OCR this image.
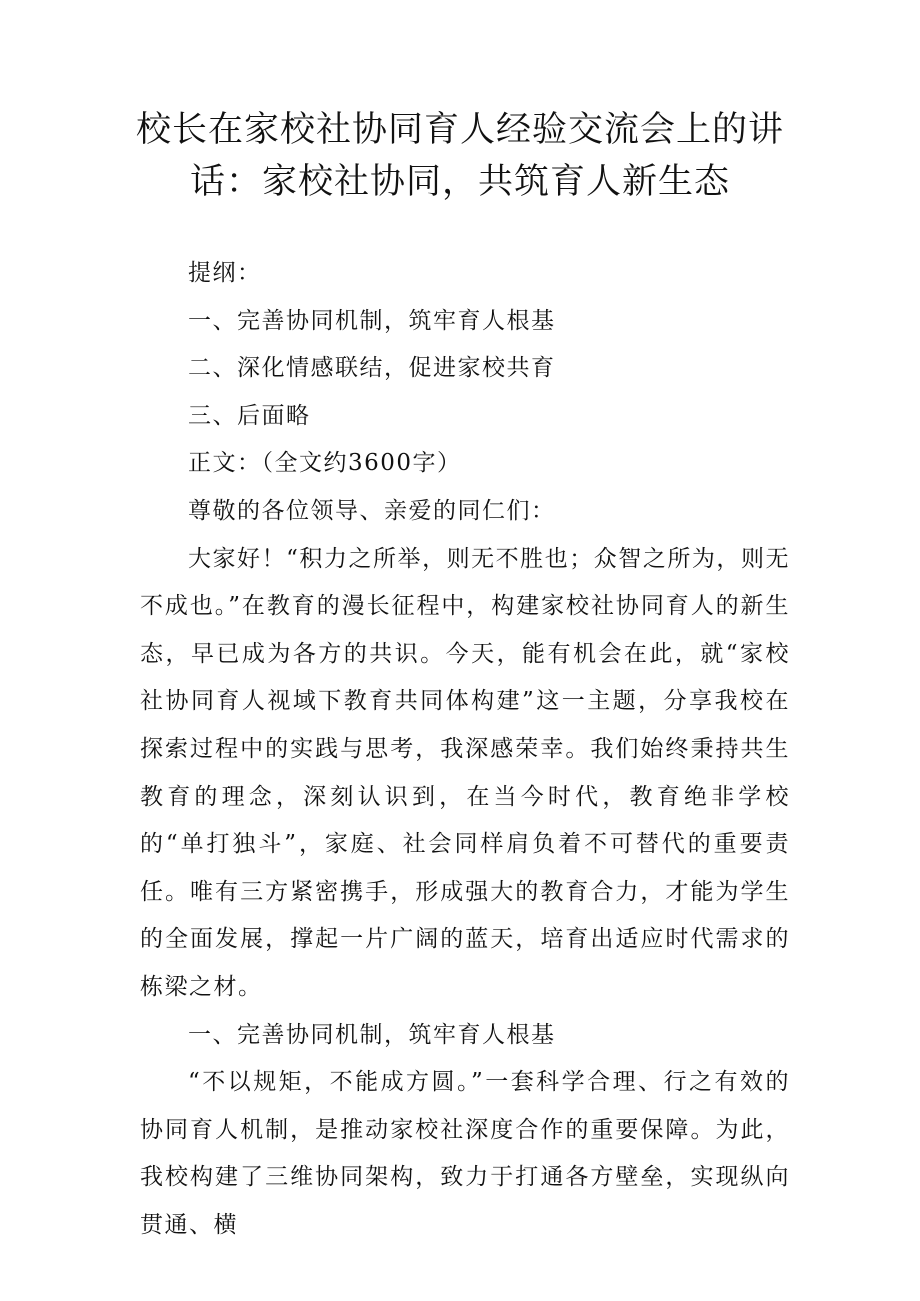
校长在家校社协同育人经验交流会上的讲
话：家校社协同，共筑育人新生态
提纲：
一、完善协同机制，筑牢育人根基
二、深化情感联结，促进家校共育
三、后面略
正文：（全文约3600字）
尊敬的各位领导、亲爱的同仁们：

大家好！“积力之所举，则无不胜也；众智之所为，则无不成也。”在教育的漫长征程中，构建家校社协同育人的新生态，早已成为各方的共识。今天，能有机会在此，就“家校社协同育人视域下教育共同体构建”这一主题，分享我校在探索过程中的实践与思考，我深感荣幸。我们始终秉持共生教育的理念，深刻认识到，在当今时代，教育绝非学校的“单打独斗”，家庭、社会同样肩负着不可替代的重要责任。唯有三方紧密携手，形成强大的教育合力，才能为学生的全面发展，撑起一片广阔的蓝天，培育出适应时代需求的栋梁之材。

一、完善协同机制，筑牢育人根基

“不以规矩，不能成方圆。”一套科学合理、行之有效的协同育人机制，是推动家校社深度合作的重要保障。为此，我校构建了三维协同架构，致力于打通各方壁垒，实现纵向贯通、横
